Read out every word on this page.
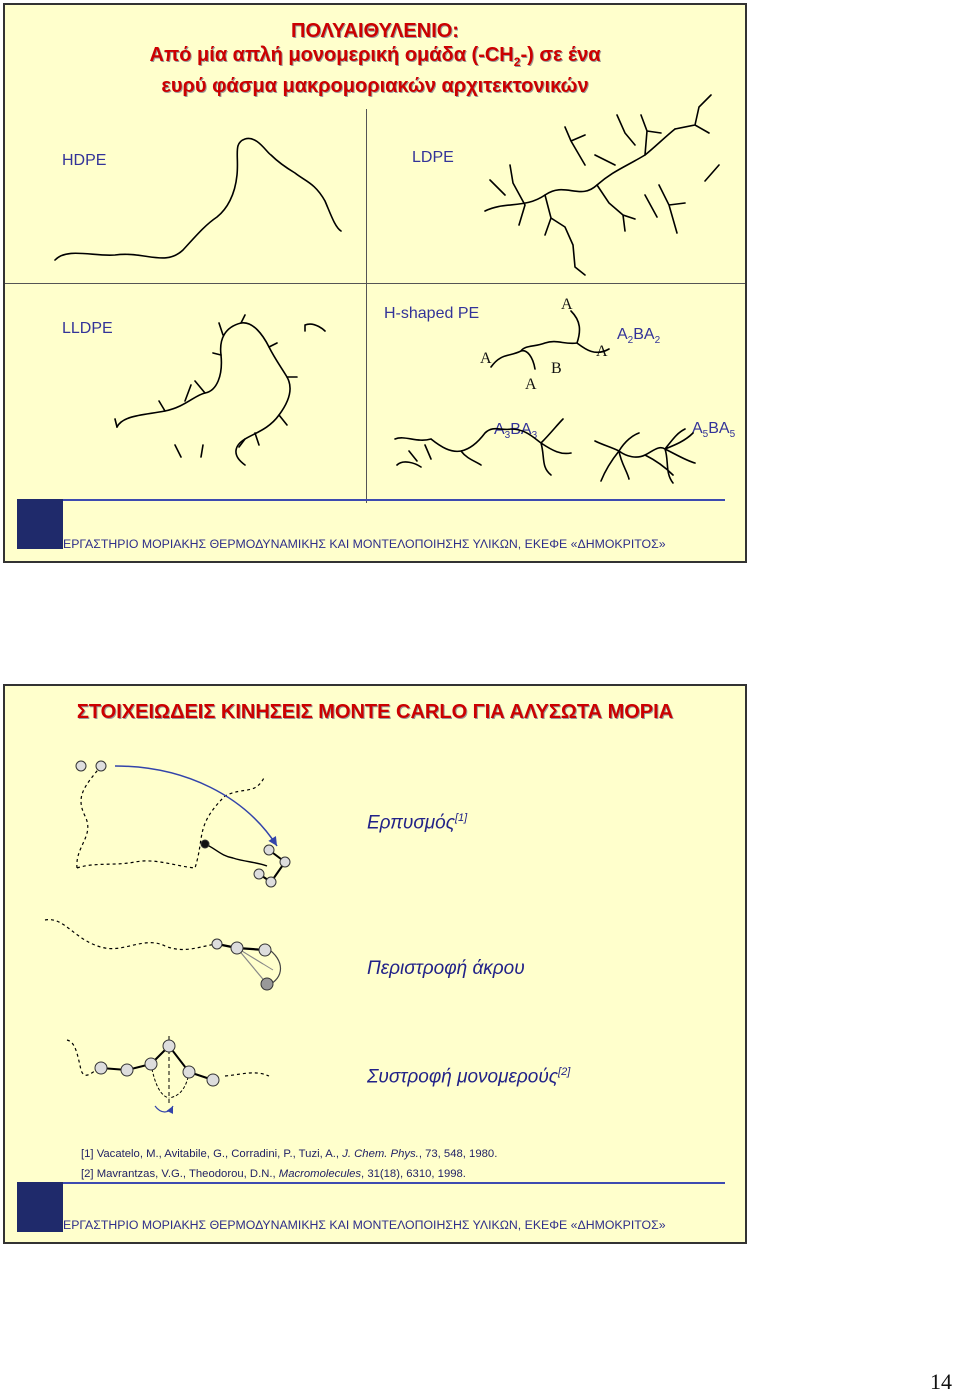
ΠΟΛΥΑΙΘΥΛΕΝΙΟ:
Από μία απλή μονομερική ομάδα $(-CH_2-)$ σε ένα
ευρύ φάσμα μακρομοριακών αρχιτεκτονικών
HDPE	LDPE
LLDPE
H-shaped PE
$A_2BA_2$
$A_3BA_3$	$A_5BA_5$
A
A
B
A
A
ΕΡΓΑΣΤΗΡΙΟ ΜΟΡΙΑΚΗΣ ΘΕΡΜΟΔΥΝΑΜΙΚΗΣ ΚΑΙ ΜΟΝΤΕΛΟΠΟΙΗΣΗΣ ΥΛΙΚΩΝ, ΕΚΕΦΕ «ΔΗΜΟΚΡΙΤΟΣ»
ΣΤΟΙΧΕΙΩΔΕΙΣ ΚΙΝΗΣΕΙΣ MONTE CARLO ΓΙΑ ΑΛΥΣΩΤΑ ΜΟΡΙΑ
Ερπυσμός[1]
Περιστροφή άκρου
Συστροφή μονομερούς[2]
[1] Vacatelo, M., Avitabile, G., Corradini, P., Tuzi, A., J. Chem. Phys., 73, 548, 1980.
[2] Mavrantzas, V.G., Theodorou, D.N., Macromolecules, 31(18), 6310, 1998.
ΕΡΓΑΣΤΗΡΙΟ ΜΟΡΙΑΚΗΣ ΘΕΡΜΟΔΥΝΑΜΙΚΗΣ ΚΑΙ ΜΟΝΤΕΛΟΠΟΙΗΣΗΣ ΥΛΙΚΩΝ, ΕΚΕΦΕ «ΔΗΜΟΚΡΙΤΟΣ»
14
